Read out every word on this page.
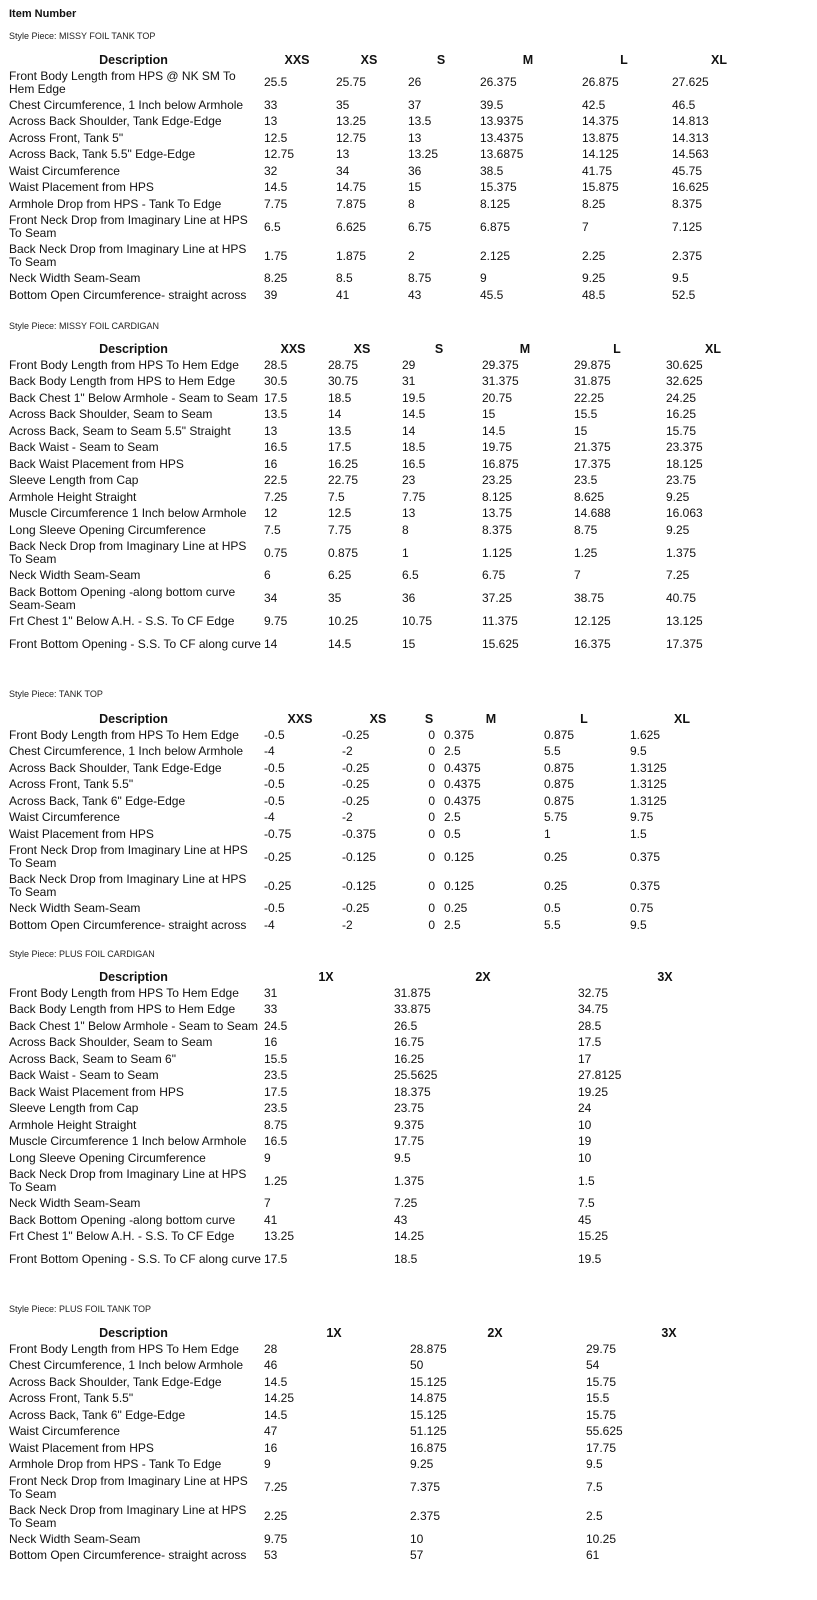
Item Number
Style Piece: MISSY FOIL TANK TOP
Description	XXS	XS	S	M	L	XL
Front Body Length from HPS @ NK SM To Hem Edge	25.5	25.75	26	26.375	26.875	27.625
Chest Circumference, 1 Inch below Armhole	33	35	37	39.5	42.5	46.5
Across Back Shoulder, Tank Edge-Edge	13	13.25	13.5	13.9375	14.375	14.813
Across Front, Tank 5"	12.5	12.75	13	13.4375	13.875	14.313
Across Back, Tank 5.5" Edge-Edge	12.75	13	13.25	13.6875	14.125	14.563
Waist Circumference	32	34	36	38.5	41.75	45.75
Waist Placement from HPS	14.5	14.75	15	15.375	15.875	16.625
Armhole Drop from HPS - Tank To Edge	7.75	7.875	8	8.125	8.25	8.375
Front Neck Drop from Imaginary Line at HPS To Seam	6.5	6.625	6.75	6.875	7	7.125
Back Neck Drop from Imaginary Line at HPS To Seam	1.75	1.875	2	2.125	2.25	2.375
Neck Width Seam-Seam	8.25	8.5	8.75	9	9.25	9.5
Bottom Open Circumference- straight across	39	41	43	45.5	48.5	52.5
Style Piece: MISSY FOIL CARDIGAN
Description	XXS	XS	S	M	L	XL
Front Body Length from HPS To Hem Edge	28.5	28.75	29	29.375	29.875	30.625
Back Body Length from HPS to Hem Edge	30.5	30.75	31	31.375	31.875	32.625
Back Chest 1" Below Armhole - Seam to Seam	17.5	18.5	19.5	20.75	22.25	24.25
Across Back Shoulder, Seam to Seam	13.5	14	14.5	15	15.5	16.25
Across Back, Seam to Seam 5.5" Straight	13	13.5	14	14.5	15	15.75
Back Waist - Seam to Seam	16.5	17.5	18.5	19.75	21.375	23.375
Back Waist Placement from HPS	16	16.25	16.5	16.875	17.375	18.125
Sleeve Length from Cap	22.5	22.75	23	23.25	23.5	23.75
Armhole Height Straight	7.25	7.5	7.75	8.125	8.625	9.25
Muscle Circumference 1 Inch below Armhole	12	12.5	13	13.75	14.688	16.063
Long Sleeve Opening Circumference	7.5	7.75	8	8.375	8.75	9.25
Back Neck Drop from Imaginary Line at HPS To Seam	0.75	0.875	1	1.125	1.25	1.375
Neck Width Seam-Seam	6	6.25	6.5	6.75	7	7.25
Back Bottom Opening -along bottom curve Seam-Seam	34	35	36	37.25	38.75	40.75
Frt Chest 1" Below A.H. - S.S. To CF Edge	9.75	10.25	10.75	11.375	12.125	13.125
Front Bottom Opening - S.S. To CF along curve	14	14.5	15	15.625	16.375	17.375
Style Piece: TANK TOP
Description	XXS	XS	S	M	L	XL
Front Body Length from HPS To Hem Edge	-0.5	-0.25	0	0.375	0.875	1.625
Chest Circumference, 1 Inch below Armhole	-4	-2	0	2.5	5.5	9.5
Across Back Shoulder, Tank Edge-Edge	-0.5	-0.25	0	0.4375	0.875	1.3125
Across Front, Tank 5.5"	-0.5	-0.25	0	0.4375	0.875	1.3125
Across Back, Tank 6" Edge-Edge	-0.5	-0.25	0	0.4375	0.875	1.3125
Waist Circumference	-4	-2	0	2.5	5.75	9.75
Waist Placement from HPS	-0.75	-0.375	0	0.5	1	1.5
Front Neck Drop from Imaginary Line at HPS To Seam	-0.25	-0.125	0	0.125	0.25	0.375
Back Neck Drop from Imaginary Line at HPS To Seam	-0.25	-0.125	0	0.125	0.25	0.375
Neck Width Seam-Seam	-0.5	-0.25	0	0.25	0.5	0.75
Bottom Open Circumference- straight across	-4	-2	0	2.5	5.5	9.5
Style Piece: PLUS FOIL CARDIGAN
Description	1X	2X	3X
Front Body Length from HPS To Hem Edge	31	31.875	32.75
Back Body Length from HPS to Hem Edge	33	33.875	34.75
Back Chest 1" Below Armhole - Seam to Seam	24.5	26.5	28.5
Across Back Shoulder, Seam to Seam	16	16.75	17.5
Across Back, Seam to Seam 6"	15.5	16.25	17
Back Waist - Seam to Seam	23.5	25.5625	27.8125
Back Waist Placement from HPS	17.5	18.375	19.25
Sleeve Length from Cap	23.5	23.75	24
Armhole Height Straight	8.75	9.375	10
Muscle Circumference 1 Inch below Armhole	16.5	17.75	19
Long Sleeve Opening Circumference	9	9.5	10
Back Neck Drop from Imaginary Line at HPS To Seam	1.25	1.375	1.5
Neck Width Seam-Seam	7	7.25	7.5
Back Bottom Opening -along bottom curve	41	43	45
Frt Chest 1" Below A.H. - S.S. To CF Edge	13.25	14.25	15.25
Front Bottom Opening - S.S. To CF along curve	17.5	18.5	19.5
Style Piece: PLUS FOIL TANK TOP
Description	1X	2X	3X
Front Body Length from HPS To Hem Edge	28	28.875	29.75
Chest Circumference, 1 Inch below Armhole	46	50	54
Across Back Shoulder, Tank Edge-Edge	14.5	15.125	15.75
Across Front, Tank 5.5"	14.25	14.875	15.5
Across Back, Tank 6" Edge-Edge	14.5	15.125	15.75
Waist Circumference	47	51.125	55.625
Waist Placement from HPS	16	16.875	17.75
Armhole Drop from HPS - Tank To Edge	9	9.25	9.5
Front Neck Drop from Imaginary Line at HPS To Seam	7.25	7.375	7.5
Back Neck Drop from Imaginary Line at HPS To Seam	2.25	2.375	2.5
Neck Width Seam-Seam	9.75	10	10.25
Bottom Open Circumference- straight across	53	57	61
